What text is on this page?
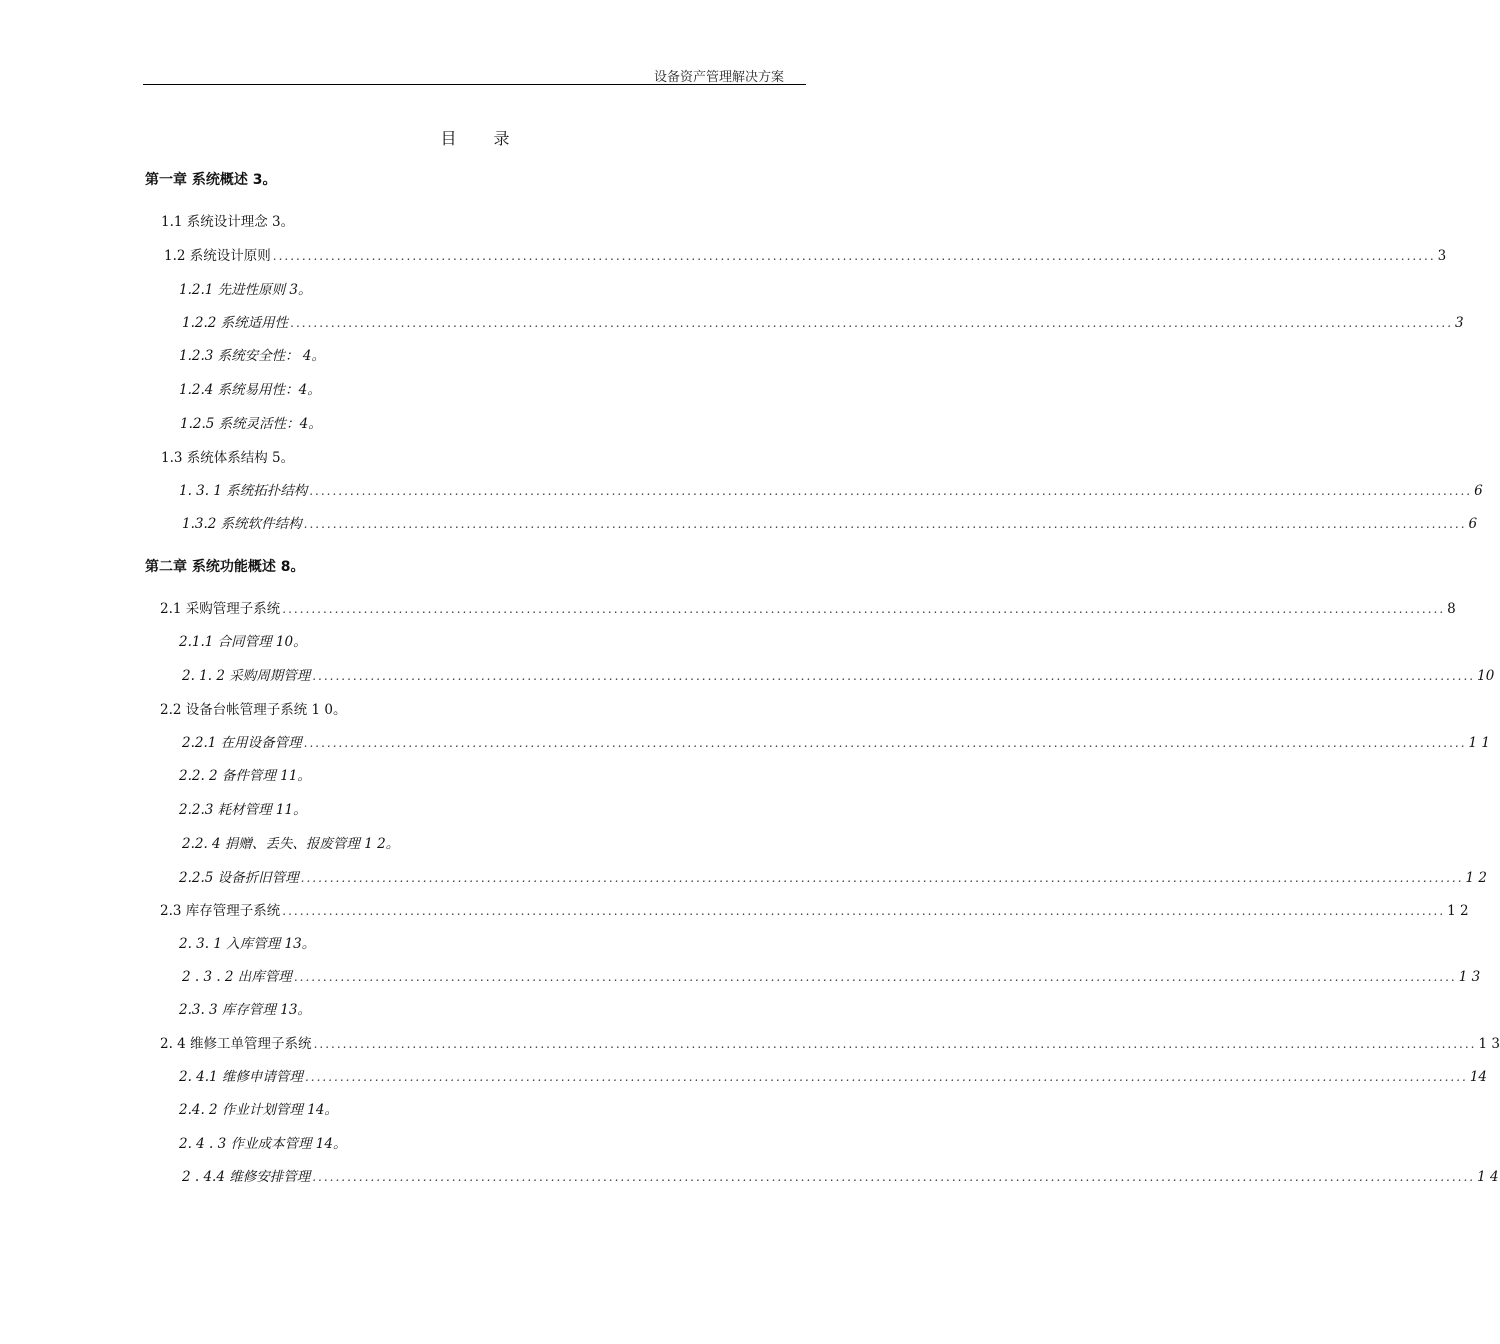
设备资产管理解决方案
目 录
第一章 系统概述 3。
1.1 系统设计理念 3。
1.2 系统设计原则 ........................................................................................................................................................................................................ 3
1.2.1 先进性原则 3。
1.2.2 系统适用性 ........................................................................................................................................................................................................ 3
1.2.3 系统安全性： 4。
1.2.4 系统易用性：4。
1.2.5 系统灵活性：4。
1.3 系统体系结构 5。
1. 3. 1 系统拓扑结构 ........................................................................................................................................................................................................ 6
1.3.2 系统软件结构 ........................................................................................................................................................................................................ 6
第二章 系统功能概述 8。
2.1 采购管理子系统 ........................................................................................................................................................................................................ 8
2.1.1 合同管理 10。
2. 1. 2 采购周期管理 ........................................................................................................................................................................................................ 10
2.2 设备台帐管理子系统 1 0。
2.2.1 在用设备管理 ........................................................................................................................................................................................................ 1 1
2.2. 2 备件管理 11。
2.2.3 耗材管理 11。
2.2. 4 捐赠、丢失、报废管理 1 2。
2.2.5 设备折旧管理 ........................................................................................................................................................................................................ 1 2
2.3 库存管理子系统 ........................................................................................................................................................................................................ 1 2
2. 3. 1 入库管理 13。
2 . 3 . 2 出库管理 ........................................................................................................................................................................................................ 1 3
2.3. 3 库存管理 13。
2. 4 维修工单管理子系统 ........................................................................................................................................................................................................ 1 3
2. 4.1 维修申请管理 ........................................................................................................................................................................................................ 14
2.4. 2 作业计划管理 14。
2. 4 . 3 作业成本管理 14。
2 . 4.4 维修安排管理 ........................................................................................................................................................................................................ 1 4
